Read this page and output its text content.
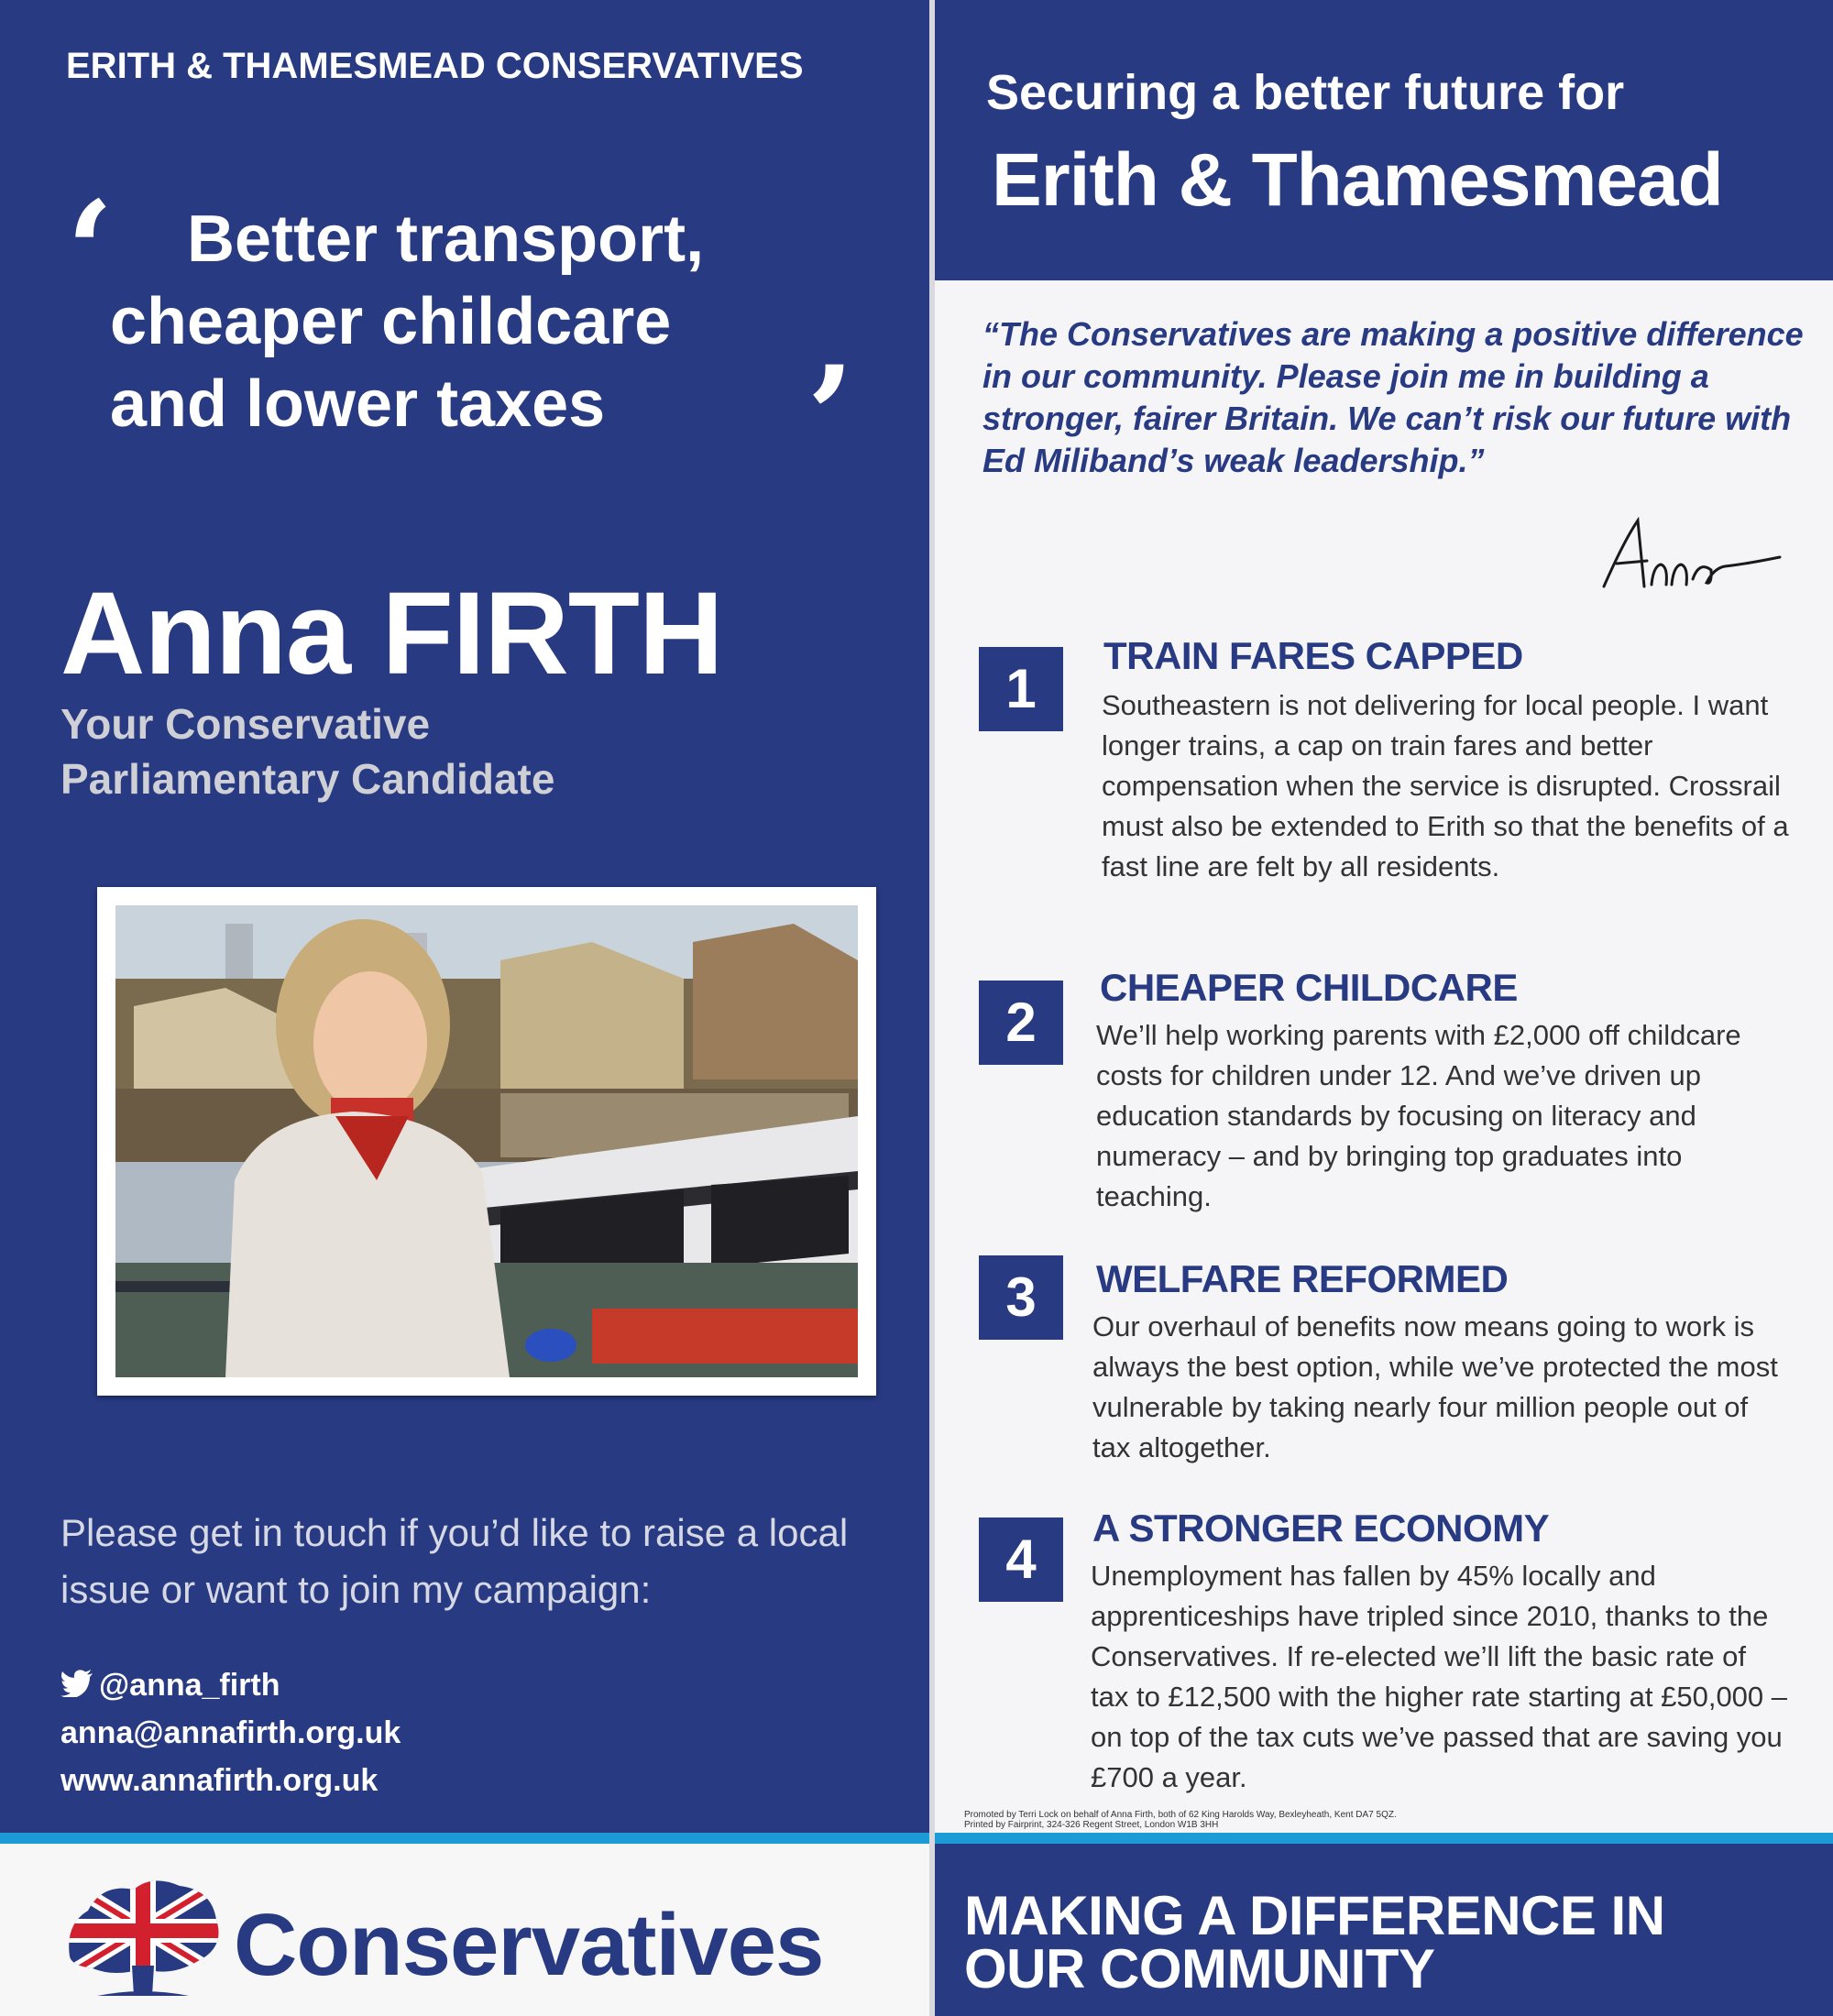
ERITH & THAMESMEAD CONSERVATIVES
‘	Better transport,
cheaper childcare
and lower taxes	’
Anna FIRTH
Your Conservative
Parliamentary Candidate
Please get in touch if you’d like to raise a local issue or want to join my campaign:
@anna_firth
anna@annafirth.org.uk
www.annafirth.org.uk
Conservatives
Securing a better future for
Erith & Thamesmead
“The Conservatives are making a positive difference in our community. Please join me in building a stronger, fairer Britain. We can’t risk our future with Ed Miliband’s weak leadership.”
1
TRAIN FARES CAPPED
Southeastern is not delivering for local people. I want longer trains, a cap on train fares and better compensation when the service is disrupted. Crossrail must also be extended to Erith so that the benefits of a fast line are felt by all residents.
2
CHEAPER CHILDCARE
We’ll help working parents with £2,000 off childcare costs for children under 12. And we’ve driven up education standards by focusing on literacy and numeracy – and by bringing top graduates into teaching.
3	WELFARE REFORMED
Our overhaul of benefits now means going to work is always the best option, while we’ve protected the most vulnerable by taking nearly four million people out of tax altogether.
4
A STRONGER ECONOMY
Unemployment has fallen by 45% locally and apprenticeships have tripled since 2010, thanks to the Conservatives. If re-elected we’ll lift the basic rate of tax to £12,500 with the higher rate starting at £50,000 – on top of the tax cuts we’ve passed that are saving you £700 a year.
Promoted by Terri Lock on behalf of Anna Firth, both of 62 King Harolds Way, Bexleyheath, Kent DA7 5QZ.
Printed by Fairprint, 324-326 Regent Street, London W1B 3HH
MAKING A DIFFERENCE IN
OUR COMMUNITY
